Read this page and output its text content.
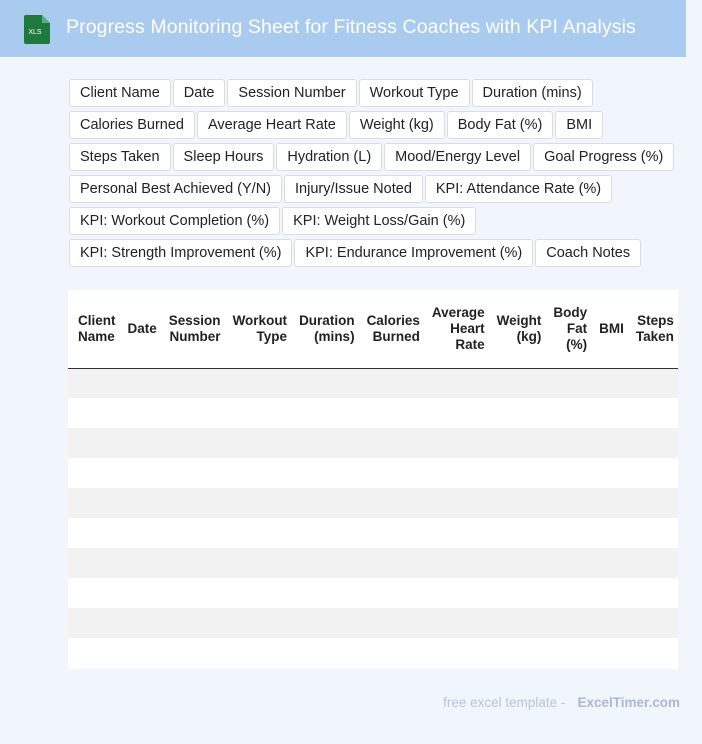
XLS Progress Monitoring Sheet for Fitness Coaches with KPI Analysis
Client Name	Date	Session Number	Workout Type	Duration (mins)
Calories Burned	Average Heart Rate	Weight (kg)	Body Fat (%)	BMI
Steps Taken	Sleep Hours	Hydration (L)	Mood/Energy Level	Goal Progress (%)
Personal Best Achieved (Y/N)	Injury/Issue Noted	KPI: Attendance Rate (%)
KPI: Workout Completion (%)	KPI: Weight Loss/Gain (%)
KPI: Strength Improvement (%)	KPI: Endurance Improvement (%)	Coach Notes
Client Name	Date	Session Number	Workout Type	Duration (mins)	Calories Burned	Average Heart Rate	Weight (kg)	Body Fat (%)	BMI	Steps Taken

free excel template - ExcelTimer.com
